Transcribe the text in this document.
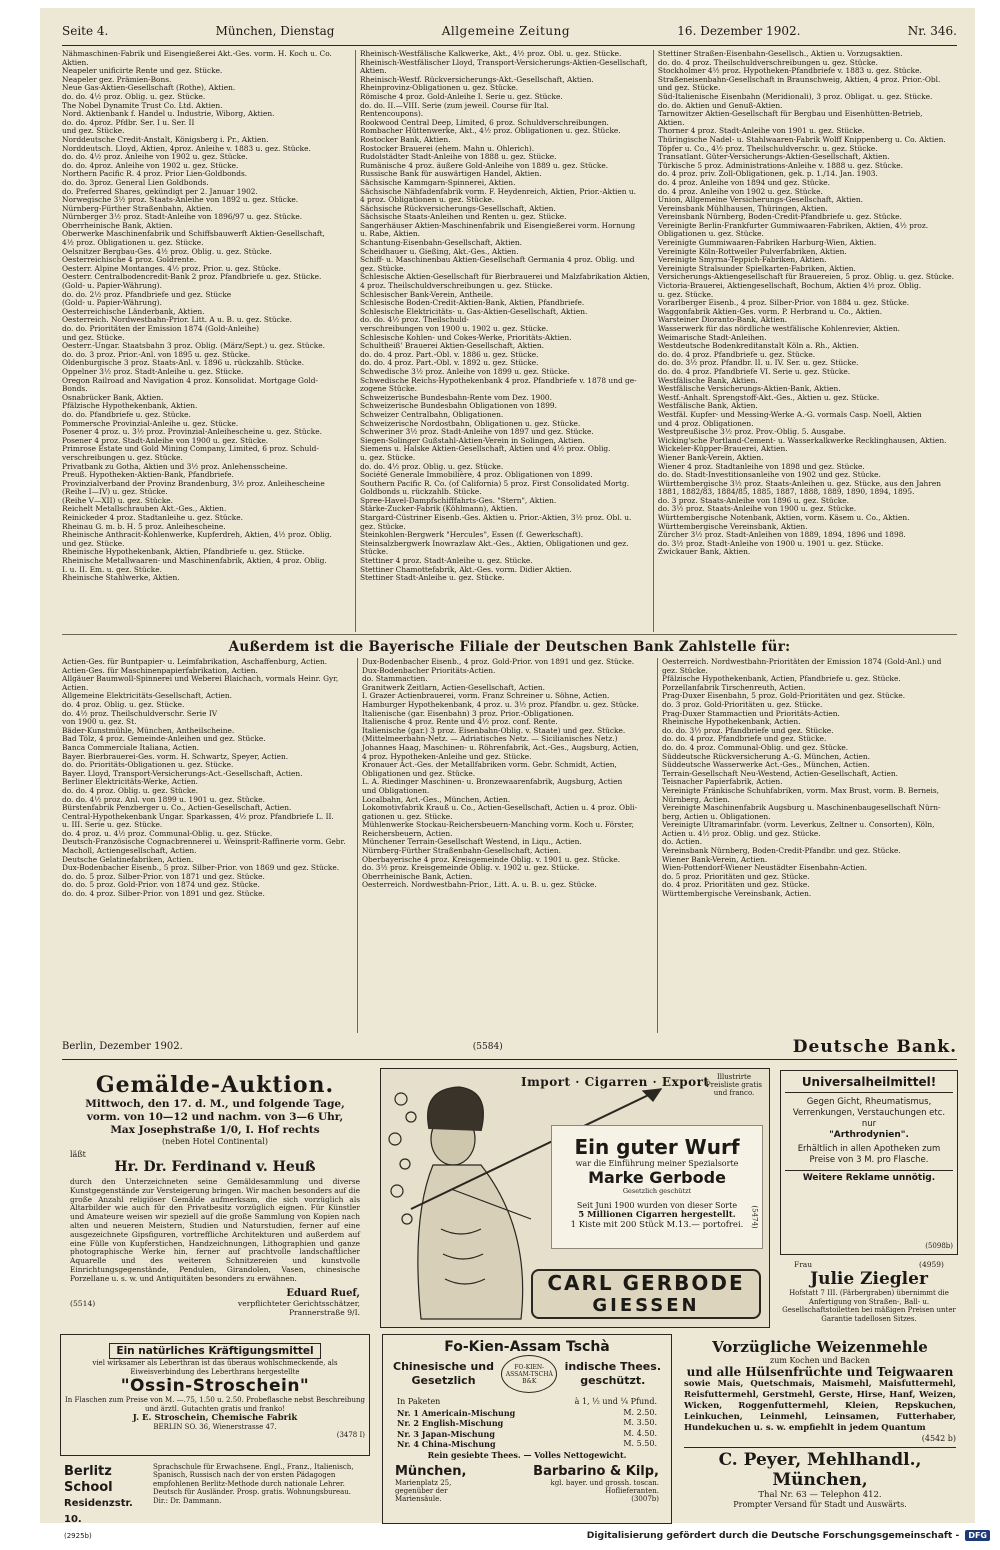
Seite 4.	München, Dienstag	Allgemeine Zeitung	16. Dezember 1902.	Nr. 346.

Nähmaschinen-Fabrik und Eisengießerei Akt.-Ges. vorm. H. Koch u. Co.

Aktien.

Neapeler unificirte Rente und gez. Stücke.

Neapeler gez. Prämien-Bons.

Neue Gas-Aktien-Gesellschaft (Rothe), Aktien.

do. do. 4½ proz. Oblig. u. gez. Stücke.

The Nobel Dynamite Trust Co. Ltd. Aktien.

Nord. Aktienbank f. Handel u. Industrie, Wiborg, Aktien.

do. do. 4proz. Pfdbr. Ser. I u. Ser. II

und gez. Stücke.

Norddeutsche Credit-Anstalt, Königsberg i. Pr., Aktien.

Norddeutsch. Lloyd, Aktien, 4proz. Anleihe v. 1883 u. gez. Stücke.

do. do. 4½ proz. Anleihe von 1902 u. gez. Stücke.

do. do. 4proz. Anleihe von 1902 u. gez. Stücke.

Northern Pacific R. 4 proz. Prior Lien-Goldbonds.

do. do. 3proz. General Lien Goldbonds.

do. Preferred Shares, gekündigt per 2. Januar 1902.

Norwegische 3½ proz. Staats-Anleihe von 1892 u. gez. Stücke.

Nürnberg-Fürther Straßenbahn, Aktien.

Nürnberger 3½ proz. Stadt-Anleihe von 1896/97 u. gez. Stücke.

Oberrheinische Bank, Aktien.

Oberwerke Maschinenfabrik und Schiffsbauwerft Aktien-Gesellschaft,

4½ proz. Obligationen u. gez. Stücke.

Oelsnitzer Bergbau-Ges. 4½ proz. Oblig. u. gez. Stücke.

Oesterreichische 4 proz. Goldrente.

Oesterr. Alpine Montanges. 4½ proz. Prior. u. gez. Stücke.

Oesterr. Centralbodencredit-Bank 2 proz. Pfandbriefe u. gez. Stücke.

(Gold- u. Papier-Währung).

do. do. 2½ proz. Pfandbriefe und gez. Stücke

(Gold- u. Papier-Währung).

Oesterreichische Länderbank, Aktien.

Oesterreich. Nordwestbahn-Prior. Litt. A u. B. u. gez. Stücke.

do. do. Prioritäten der Emission 1874 (Gold-Anleihe)

und gez. Stücke.

Oesterr.-Ungar. Staatsbahn 3 proz. Oblig. (März/Sept.) u. gez. Stücke.

do. do. 3 proz. Prior.-Anl. von 1895 u. gez. Stücke.

Oldenburgische 3 proz. Staats-Anl. v. 1896 u. rückzahlb. Stücke.

Oppelner 3½ proz. Stadt-Anleihe u. gez. Stücke.

Oregon Railroad and Navigation 4 proz. Konsolidat. Mortgage Gold-

Bonds.

Osnabrücker Bank, Aktien.

Pfälzische Hypothekenbank, Aktien.

do. do. Pfandbriefe u. gez. Stücke.

Pommersche Provinzial-Anleihe u. gez. Stücke.

Posener 4 proz. u. 3½ proz. Provinzial-Anleihescheine u. gez. Stücke.

Posener 4 proz. Stadt-Anleihe von 1900 u. gez. Stücke.

Primrose Estate und Gold Mining Company, Limited, 6 proz. Schuld-

verschreibungen u. gez. Stücke.

Privatbank zu Gotha, Aktien und 3½ proz. Anlehensscheine.

Preuß. Hypotheken-Aktien-Bank, Pfandbriefe.

Provinzialverband der Provinz Brandenburg, 3½ proz. Anleihescheine

(Reihe I—IV) u. gez. Stücke.

(Reihe V—XII) u. gez. Stücke.

Reichelt Metallschrauben Akt.-Ges., Aktien.

Reinickeder 4 proz. Stadtanleihe u. gez. Stücke.

Rheinau G. m. b. H. 5 proz. Anleihescheine.

Rheinische Anthracit-Kohlenwerke, Kupferdreh, Aktien, 4½ proz. Oblig.

und gez. Stücke.

Rheinische Hypothekenbank, Aktien, Pfandbriefe u. gez. Stücke.

Rheinische Metallwaaren- und Maschinenfabrik, Aktien, 4 proz. Oblig.

I. u. II. Em. u. gez. Stücke.

Rheinische Stahlwerke, Aktien.

Rheinisch-Westfälische Kalkwerke, Akt., 4½ proz. Obl. u. gez. Stücke.

Rheinisch-Westfälischer Lloyd, Transport-Versicherungs-Aktien-Gesellschaft,

Aktien.

Rheinisch-Westf. Rückversicherungs-Akt.-Gesellschaft, Aktien.

Rheinprovinz-Obligationen u. gez. Stücke.

Römische 4 proz. Gold-Anleihe I. Serie u. gez. Stücke.

do. do. II.—VIII. Serie (zum jeweil. Course für Ital.

Rentencoupons).

Rookwood Central Deep, Limited, 6 proz. Schuldverschreibungen.

Rombacher Hüttenwerke, Akt., 4½ proz. Obligationen u. gez. Stücke.

Rostocker Bank, Aktien.

Rostocker Brauerei (ehem. Mahn u. Ohlerich).

Rudolstädter Stadt-Anleihe von 1888 u. gez. Stücke.

Rumänische 4 proz. äußere Gold-Anleihe von 1889 u. gez. Stücke.

Russische Bank für auswärtigen Handel, Aktien.

Sächsische Kammgarn-Spinnerei, Aktien.

Sächsische Nähfadenfabrik vorm. F. Heydenreich, Aktien, Prior.-Aktien u.

4 proz. Obligationen u. gez. Stücke.

Sächsische Rückversicherungs-Gesellschaft, Aktien.

Sächsische Staats-Anleihen und Renten u. gez. Stücke.

Sangerhäuser Aktien-Maschinenfabrik und Eisengießerei vorm. Hornung

u. Rabe, Aktien.

Schantung-Eisenbahn-Gesellschaft, Aktien.

Scheidhauer u. Gießing, Akt.-Ges., Aktien.

Schiff- u. Maschinenbau Aktien-Gesellschaft Germania 4 proz. Oblig. und

gez. Stücke.

Schlesische Aktien-Gesellschaft für Bierbrauerei und Malzfabrikation Aktien,

4 proz. Theilschuldverschreibungen u. gez. Stücke.

Schlesischer Bank-Verein, Antheile.

Schlesische Boden-Credit-Aktien-Bank, Aktien, Pfandbriefe.

Schlesische Elektricitäts- u. Gas-Aktien-Gesellschaft, Aktien.

do. do. 4½ proz. Theilschuld-

verschreibungen von 1900 u. 1902 u. gez. Stücke.

Schlesische Kohlen- und Cokes-Werke, Prioritäts-Aktien.

Schultheiß' Brauerei Aktien-Gesellschaft, Aktien.

do. do. 4 proz. Part.-Obl. v. 1886 u. gez. Stücke.

do. do. 4 proz. Part.-Obl. v. 1892 u. gez. Stücke.

Schwedische 3½ proz. Anleihe von 1899 u. gez. Stücke.

Schwedische Reichs-Hypothekenbank 4 proz. Pfandbriefe v. 1878 und ge-

zogene Stücke.

Schweizerische Bundesbahn-Rente vom Dez. 1900.

Schweizerische Bundesbahn Obligationen von 1899.

Schweizer Centralbahn, Obligationen.

Schweizerische Nordostbahn, Obligationen u. gez. Stücke.

Schweriner 3½ proz. Stadt-Anleihe von 1897 und gez. Stücke.

Siegen-Solinger Gußstahl-Aktien-Verein in Solingen, Aktien.

Siemens u. Halske Aktien-Gesellschaft, Aktien und 4½ proz. Oblig.

u. gez. Stücke.

do. do. 4½ proz. Oblig. u. gez. Stücke.

Société Generale Immobilière, 4 proz. Obligationen von 1899.

Southern Pacific R. Co. (of California) 5 proz. First Consolidated Mortg.

Goldbonds u. rückzahlb. Stücke.

Spree-Havel-Dampfschifffahrts-Ges. "Stern", Aktien.

Stärke-Zucker-Fabrik (Köhlmann), Aktien.

Stargard-Cüstriner Eisenb.-Ges. Aktien u. Prior.-Aktien, 3½ proz. Obl. u.

gez. Stücke.

Steinkohlen-Bergwerk "Hercules", Essen (f. Gewerkschaft).

Steinsalzbergwerk Inowrazlaw Akt.-Ges., Aktien, Obligationen und gez.

Stücke.

Stettiner 4 proz. Stadt-Anleihe u. gez. Stücke.

Stettiner Chamottefabrik, Akt.-Ges. vorm. Didier Aktien.

Stettiner Stadt-Anleihe u. gez. Stücke.

Stettiner Straßen-Eisenbahn-Gesellsch., Aktien u. Vorzugsaktien.

do. do. 4 proz. Theilschuldverschreibungen u. gez. Stücke.

Stockholmer 4½ proz. Hypotheken-Pfandbriefe v. 1883 u. gez. Stücke.

Straßeneisenbahn-Gesellschaft in Braunschweig, Aktien, 4 proz. Prior.-Obl.

und gez. Stücke.

Süd-Italienische Eisenbahn (Meridionali), 3 proz. Obligat. u. gez. Stücke.

do. do. Aktien und Genuß-Aktien.

Tarnowitzer Aktien-Gesellschaft für Bergbau und Eisenhütten-Betrieb,

Aktien.

Thorner 4 proz. Stadt-Anleihe von 1901 u. gez. Stücke.

Thüringische Nadel- u. Stahlwaaren-Fabrik Wolff Knippenberg u. Co. Aktien.

Töpfer u. Co., 4½ proz. Theilschuldverschr. u. gez. Stücke.

Transatlant. Güter-Versicherungs-Aktien-Gesellschaft, Aktien.

Türkische 5 proz. Administrations-Anleihe v. 1888 u. gez. Stücke.

do. 4 proz. priv. Zoll-Obligationen, gek. p. 1./14. Jan. 1903.

do. 4 proz. Anleihe von 1894 und gez. Stücke.

do. 4 proz. Anleihe von 1902 u. gez. Stücke.

Union, Allgemeine Versicherungs-Gesellschaft, Aktien.

Vereinsbank Mühlhausen, Thüringen, Aktien.

Vereinsbank Nürnberg, Boden-Credit-Pfandbriefe u. gez. Stücke.

Vereinigte Berlin-Frankfurter Gummiwaaren-Fabriken, Aktien, 4½ proz.

Obligationen u. gez. Stücke.

Vereinigte Gummiwaaren-Fabriken Harburg-Wien, Aktien.

Vereinigte Köln-Rottweiler Pulverfabriken, Aktien.

Vereinigte Smyrna-Teppich-Fabriken, Aktien.

Vereinigte Stralsunder Spielkarten-Fabriken, Aktien.

Versicherungs-Aktiengesellschaft für Brauereien, 5 proz. Oblig. u. gez. Stücke.

Victoria-Brauerei, Aktiengesellschaft, Bochum, Aktien 4½ proz. Oblig.

u. gez. Stücke.

Vorarlberger Eisenb., 4 proz. Silber-Prior. von 1884 u. gez. Stücke.

Waggonfabrik Aktien-Ges. vorm. P. Herbrand u. Co., Aktien.

Warsteiner Dioranto-Bank, Aktien.

Wasserwerk für das nördliche westfälische Kohlenrevier, Aktien.

Weimarische Stadt-Anleihen.

Westdeutsche Bodenkreditanstalt Köln a. Rh., Aktien.

do. do. 4 proz. Pfandbriefe u. gez. Stücke.

do. do. 3½ proz. Pfandbr. II. u. IV. Ser. u. gez. Stücke.

do. do. 4 proz. Pfandbriefe VI. Serie u. gez. Stücke.

Westfälische Bank, Aktien.

Westfälische Versicherungs-Aktien-Bank, Aktien.

Westf.-Anhalt. Sprengstoff-Akt.-Ges., Aktien u. gez. Stücke.

Westfälische Bank, Aktien.

Westfäl. Kupfer- und Messing-Werke A.-G. vormals Casp. Noell, Aktien

und 4 proz. Obligationen.

Westpreußische 3½ proz. Prov.-Oblig. 5. Ausgabe.

Wicking'sche Portland-Cement- u. Wasserkalkwerke Recklinghausen, Aktien.

Wickeler-Küpper-Brauerei, Aktien.

Wiener Bank-Verein, Aktien.

Wiener 4 proz. Stadtanleihe von 1898 und gez. Stücke.

do. do. Stadt-Investitionsanleihe von 1902 und gez. Stücke.

Württembergische 3½ proz. Staats-Anleihen u. gez. Stücke, aus den Jahren

1881, 1882/83, 1884/85, 1885, 1887, 1888, 1889, 1890, 1894, 1895.

do. 3 proz. Staats-Anleihe von 1896 u. gez. Stücke.

do. 3½ proz. Staats-Anleihe von 1900 u. gez. Stücke.

Württembergische Notenbank, Aktien, vorm. Käsem u. Co., Aktien.

Württembergische Vereinsbank, Aktien.

Zürcher 3½ proz. Stadt-Anleihen von 1889, 1894, 1896 und 1898.

do. 3½ proz. Stadt-Anleihe von 1900 u. 1901 u. gez. Stücke.

Zwickauer Bank, Aktien.

Außerdem ist die Bayerische Filiale der Deutschen Bank Zahlstelle für:

Actien-Ges. für Buntpapier- u. Leimfabrikation, Aschaffenburg, Actien.

Actien-Ges. für Maschinenpapierfabrikation, Actien.

Allgäuer Baumwoll-Spinnerei und Weberei Blaichach, vormals Heinr. Gyr,

Actien.

Allgemeine Elektricitäts-Gesellschaft, Actien.

do. 4 proz. Oblig. u. gez. Stücke.

do. 4½ proz. Theilschuldverschr. Serie IV

von 1900 u. gez. St.

Bäder-Kunstmühle, München, Antheilscheine.

Bad Tölz, 4 proz. Gemeinde-Anleihen und gez. Stücke.

Banca Commerciale Italiana, Actien.

Bayer. Bierbrauerei-Ges. vorm. H. Schwartz, Speyer, Actien.

do. do. Prioritäts-Obligationen u. gez. Stücke.

Bayer. Lloyd, Transport-Versicherungs-Act.-Gesellschaft, Actien.

Berliner Elektricitäts-Werke, Actien.

do. do. 4 proz. Oblig. u. gez. Stücke.

do. do. 4½ proz. Anl. von 1899 u. 1901 u. gez. Stücke.

Bürstenfabrik Penzberger u. Co., Actien-Gesellschaft, Actien.

Central-Hypothekenbank Ungar. Sparkassen, 4½ proz. Pfandbriefe L. II.

u. III. Serie u. gez. Stücke.

do. 4 proz. u. 4½ proz. Communal-Oblig. u. gez. Stücke.

Deutsch-Französische Cognacbrennerei u. Weinsprit-Raffinerie vorm. Gebr.

Macholl, Actiengesellschaft, Actien.

Deutsche Gelatinefabriken, Actien.

Dux-Bodenbacher Eisenb., 5 proz. Silber-Prior. von 1869 und gez. Stücke.

do. do. 5 proz. Silber-Prior. von 1871 und gez. Stücke.

do. do. 5 proz. Gold-Prior. von 1874 und gez. Stücke.

do. do. 4 proz. Silber-Prior. von 1891 und gez. Stücke.

Dux-Bodenbacher Eisenb., 4 proz. Gold-Prior. von 1891 und gez. Stücke.

Dux-Bodenbacher Prioritäts-Actien.

do. Stammactien.

Granitwerk Zeitlarn, Actien-Gesellschaft, Actien.

I. Grazer Actienbrauerei, vorm. Franz Schreiner u. Söhne, Actien.

Hamburger Hypothekenbank, 4 proz. u. 3½ proz. Pfandbr. u. gez. Stücke.

Italienische (gar. Eisenbahn) 3 proz. Prior.-Obligationen.

Italienische 4 proz. Rente und 4½ proz. conf. Rente.

Italienische (gar.) 3 proz. Eisenbahn-Oblig. v. Staate) und gez. Stücke.

(Mittelmeerbahn-Netz. — Adriatisches Netz. — Sicilianisches Netz.)

Johannes Haag, Maschinen- u. Röhrenfabrik, Act.-Ges., Augsburg, Actien,

4 proz. Hypotheken-Anleihe und gez. Stücke.

Kronauer Act.-Ges. der Metallfabriken vorm. Gebr. Schmidt, Actien,

Obligationen und gez. Stücke.

L. A. Riedinger Maschinen- u. Bronzewaarenfabrik, Augsburg, Actien

und Obligationen.

Localbahn, Act.-Ges., München, Actien.

Lokomotivfabrik Krauß u. Co., Actien-Gesellschaft, Actien u. 4 proz. Obli-

gationen u. gez. Stücke.

Mühlenwerke Stockau-Reichersbeuern-Manching vorm. Koch u. Förster,

Reichersbeuern, Actien.

Münchener Terrain-Gesellschaft Westend, in Liqu., Actien.

Nürnberg-Fürther Straßenbahn-Gesellschaft, Actien.

Oberbayerische 4 proz. Kreisgemeinde Oblig. v. 1901 u. gez. Stücke.

do. 3½ proz. Kreisgemeinde Oblig. v. 1902 u. gez. Stücke.

Oberrheinische Bank, Actien.

Oesterreich. Nordwestbahn-Prior., Litt. A. u. B. u. gez. Stücke.

Oesterreich. Nordwestbahn-Prioritäten der Emission 1874 (Gold-Anl.) und

gez. Stücke.

Pfälzische Hypothekenbank, Actien, Pfandbriefe u. gez. Stücke.

Porzellanfabrik Tirschenreuth, Actien.

Prag-Duxer Eisenbahn, 5 proz. Gold-Prioritäten und gez. Stücke.

do. 3 proz. Gold-Prioritäten u. gez. Stücke.

Prag-Duxer Stammactien und Prioritäts-Actien.

Rheinische Hypothekenbank, Actien.

do. do. 3½ proz. Pfandbriefe und gez. Stücke.

do. do. 4 proz. Pfandbriefe und gez. Stücke.

do. do. 4 proz. Communal-Oblig. und gez. Stücke.

Süddeutsche Rückversicherung A.-G. München, Actien.

Süddeutsche Wasserwerke Act.-Ges., München, Actien.

Terrain-Gesellschaft Neu-Westend, Actien-Gesellschaft, Actien.

Teisnacher Papierfabrik, Actien.

Vereinigte Fränkische Schuhfabriken, vorm. Max Brust, vorm. B. Berneis,

Nürnberg, Actien.

Vereinigte Maschinenfabrik Augsburg u. Maschinenbaugesellschaft Nürn-

berg, Actien u. Obligationen.

Vereinigte Ultramarinfabr. (vorm. Leverkus, Zeltner u. Consorten), Köln,

Actien u. 4½ proz. Oblig. und gez. Stücke.

do. Actien.

Vereinsbank Nürnberg, Boden-Credit-Pfandbr. und gez. Stücke.

Wiener Bank-Verein, Actien.

Wien-Pottendorf-Wiener Neustädter Eisenbahn-Actien.

do. 5 proz. Prioritäten und gez. Stücke.

do. 4 proz. Prioritäten und gez. Stücke.

Württembergische Vereinsbank, Actien.

Berlin, Dezember 1902.	(5584)	Deutsche Bank.
Gemälde-Auktion.
Mittwoch, den 17. d. M., und folgende Tage,
vorm. von 10—12 und nachm. von 3—6 Uhr,
Max Josephstraße 1/0, I. Hof rechts
(neben Hotel Continental)
läßt
Hr. Dr. Ferdinand v. Heuß
durch den Unterzeichneten seine Gemäldesammlung und diverse Kunstgegenstände zur Versteigerung bringen. Wir machen besonders auf die große Anzahl religiöser Gemälde aufmerksam, die sich vorzüglich als Altarbilder wie auch für den Privatbesitz vorzüglich eignen. Für Künstler und Amateure weisen wir speziell auf die große Sammlung von Kopien nach alten und neueren Meistern, Studien und Naturstudien, ferner auf eine ausgezeichnete Gipsfiguren, vortreffliche Architekturen und außerdem auf eine Fülle von Kupferstichen, Handzeichnungen, Lithographien und ganze photographische Werke hin, ferner auf prachtvolle landschaftlicher Aquarelle und des weiteren Schnitzereien und kunstvolle Einrichtungsgegenstände, Pendulen, Girandolen, Vasen, chinesische Porzellane u. s. w. und Antiquitäten besonders zu erwähnen.
Eduard Ruef,
verpflichteter Gerichtsschätzer,
Prannerstraße 9/I.
(5514)
Import · Cigarren · Export	Illustrirte Preisliste gratis und franco.
Ein guter Wurf
war die Einführung meiner Spezialsorte
Marke Gerbode
Gesetzlich geschützt
Seit Juni 1900 wurden von dieser Sorte
5 Millionen Cigarren hergestellt.
1 Kiste mit 200 Stück M.13.— portofrei.
CARL GERBODE
GIESSEN
(5474)
Universalheilmittel!
Gegen Gicht, Rheumatismus, Verrenkungen, Verstauchungen etc. nur
"Arthrodynien".
Erhältlich in allen Apotheken zum Preise von 3 M. pro Flasche.
Weitere Reklame unnötig.
(5098b)
Frau	(4959)
Julie Ziegler
Hofstatt 7 III. (Färbergraben) übernimmt die Anfertigung von Straßen-, Ball- u. Gesellschaftstoiletten bei mäßigen Preisen unter Garantie tadellosen Sitzes.
Ein natürliches Kräftigungsmittel
viel wirksamer als Leberthran ist das überaus wohlschmeckende, als Eiweisverbindung des Leberthrans hergestellte
"Ossin-Stroschein"
In Flaschen zum Preise von M. —.75, 1.50 u. 2.50. Probeflasche nebst Beschreibung und ärztl. Gutachten gratis und franko!
J. E. Stroschein, Chemische Fabrik
BERLIN SO. 36, Wienerstrasse 47.
(3478 I)
Berlitz School
Residenzstr. 10.
(2925b)
Sprachschule für Erwachsene. Engl., Franz., Italienisch, Spanisch, Russisch nach der von ersten Pädagogen empfohlenen Berlitz-Methode durch nationale Lehrer. Deutsch für Ausländer. Prosp. gratis. Wohnungsbureau. Dir.: Dr. Dammann.
Fo-Kien-Assam Tschà
Chinesische und
Gesetzlich
FO-KIEN-ASSAM-TSCHÀ B&K
indische Thees.
geschützt.
In Paketen	à 1, ½ und ¼ Pfund.
Nr. 1 Americain-Mischung	M. 2.50.
Nr. 2 English-Mischung	M. 3.50.
Nr. 3 Japan-Mischung	M. 4.50.
Nr. 4 China-Mischung	M. 5.50.
Rein gesiebte Thees. — Volles Nettogewicht.
München,
Marienplatz 25,
gegenüber der Mariensäule.
Barbarino & Kilp,
kgl. bayer. und grossh. toscan. Hoflieferanten.
(3007b)
Vorzügliche Weizenmehle
zum Kochen und Backen
und alle Hülsenfrüchte und Teigwaaren
sowie Mais, Quetschmais, Maismehl, Maisfuttermehl, Reisfuttermehl, Gerstmehl, Gerste, Hirse, Hanf, Weizen, Wicken, Roggenfuttermehl, Kleien, Repskuchen, Leinkuchen, Leinmehl, Leinsamen, Futterhaber, Hundekuchen u. s. w. empfiehlt in jedem Quantum
(4542 b)
C. Peyer, Mehlhandl., München,
Thal Nr. 63 — Telephon 412.
Prompter Versand für Stadt und Auswärts.
Digitalisierung gefördert durch die Deutsche Forschungsgemeinschaft -	DFG
